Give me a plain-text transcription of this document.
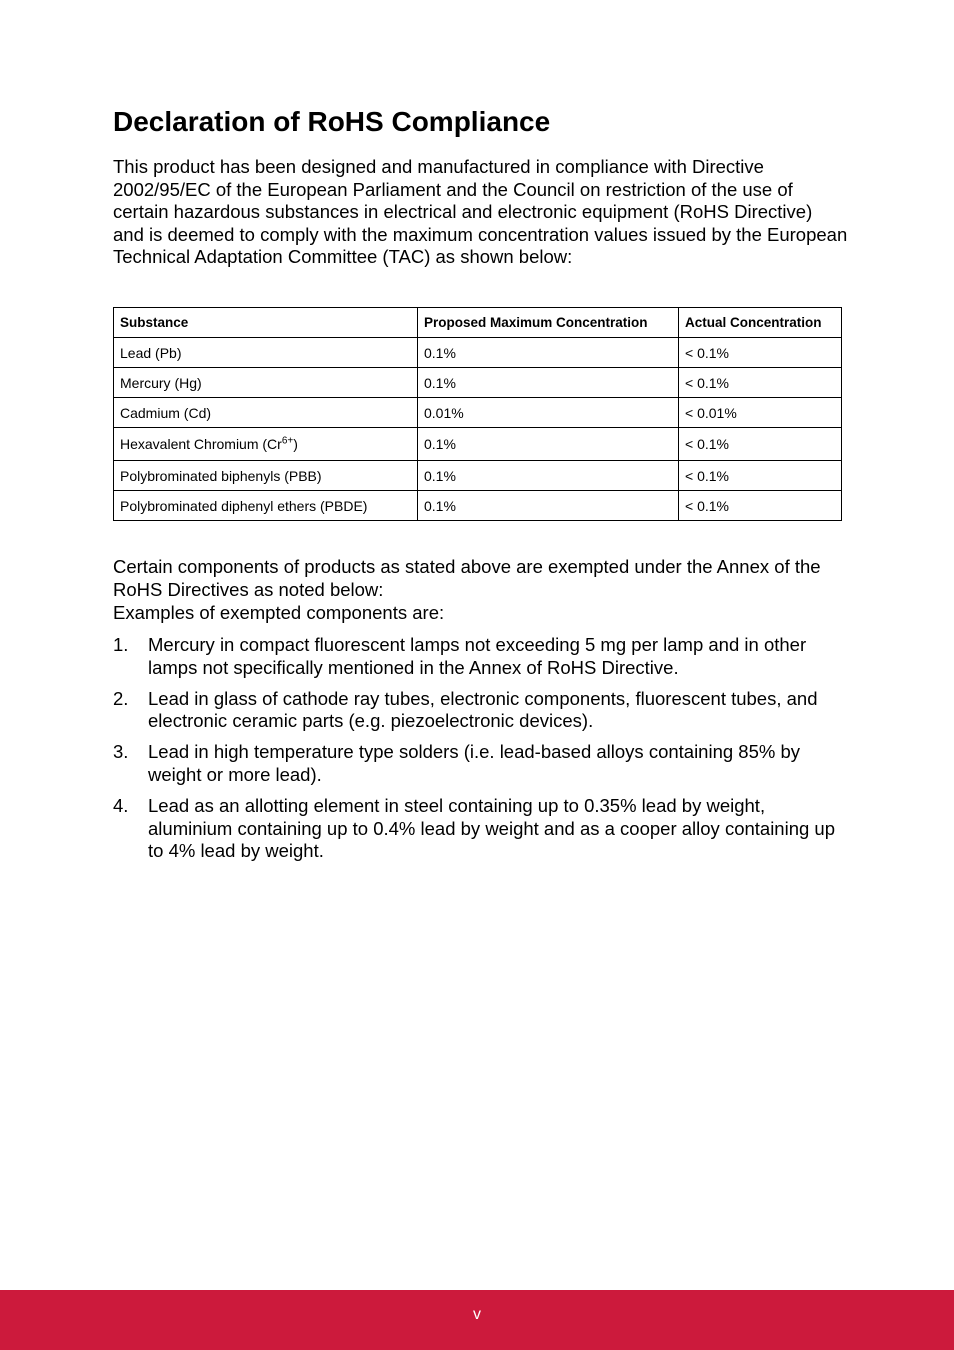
Declaration of RoHS Compliance

This product has been designed and manufactured in compliance with Directive 2002/95/EC of the European Parliament and the Council on restriction of the use of certain hazardous substances in electrical and electronic equipment (RoHS Directive) and is deemed to comply with the maximum concentration values issued by the European Technical Adaptation Committee (TAC) as shown below:

Substance	Proposed Maximum Concentration	Actual Concentration
Lead (Pb)	0.1%	< 0.1%
Mercury (Hg)	0.1%	< 0.1%
Cadmium (Cd)	0.01%	< 0.01%
Hexavalent Chromium $(Cr^{6+})$	0.1%	< 0.1%
Polybrominated biphenyls (PBB)	0.1%	< 0.1%
Polybrominated diphenyl ethers (PBDE)	0.1%	< 0.1%

Certain components of products as stated above are exempted under the Annex of the RoHS Directives as noted below:

Examples of exempted components are:

1. Mercury in compact fluorescent lamps not exceeding 5 mg per lamp and in other lamps not specifically mentioned in the Annex of RoHS Directive.
2. Lead in glass of cathode ray tubes, electronic components, fluorescent tubes, and electronic ceramic parts (e.g. piezoelectronic devices).
3. Lead in high temperature type solders (i.e. lead-based alloys containing 85% by weight or more lead).
4. Lead as an allotting element in steel containing up to 0.35% lead by weight, aluminium containing up to 0.4% lead by weight and as a cooper alloy containing up to 4% lead by weight.
v
